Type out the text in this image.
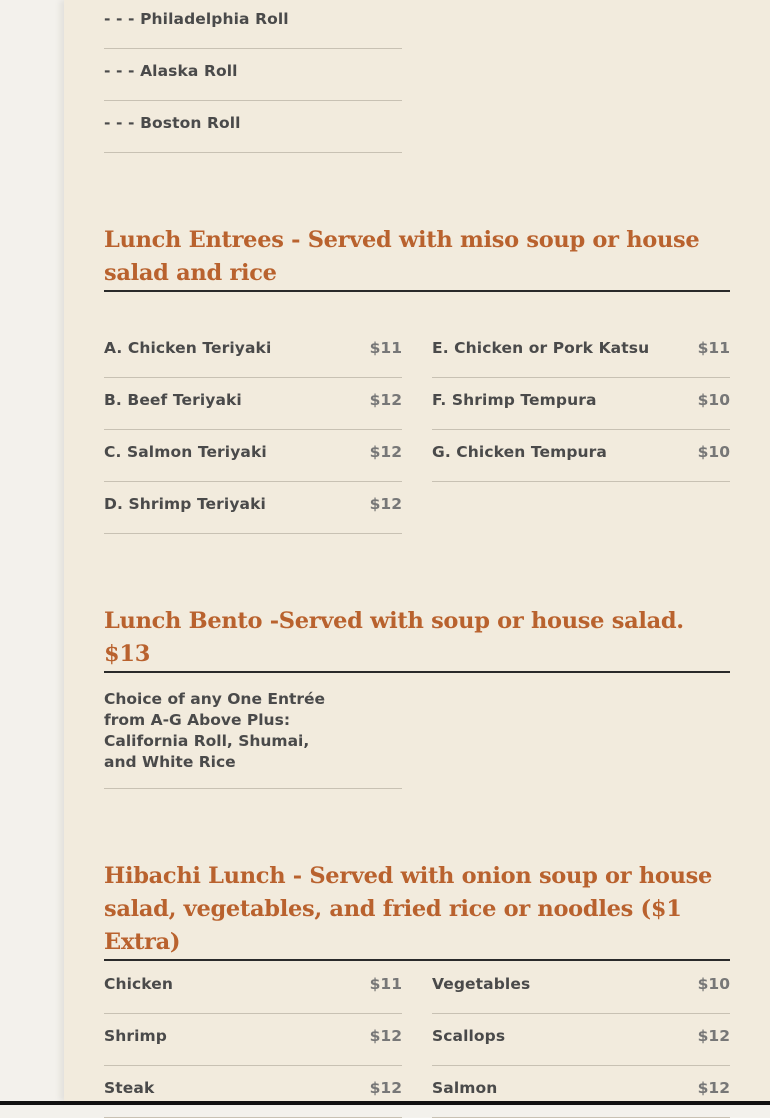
- - - Philadelphia Roll
- - - Alaska Roll
- - - Boston Roll
Lunch Entrees - Served with miso soup or house salad and rice
A. Chicken Teriyaki	$11
B. Beef Teriyaki	$12
C. Salmon Teriyaki	$12
D. Shrimp Teriyaki	$12
E. Chicken or Pork Katsu	$11
F. Shrimp Tempura	$10
G. Chicken Tempura	$10
Lunch Bento -Served with soup or house salad. $13
Choice of any One Entrée from A-G Above Plus: California Roll, Shumai, and White Rice
Hibachi Lunch - Served with onion soup or house salad, vegetables, and fried rice or noodles ($1 Extra)
Chicken	$11
Shrimp	$12
Steak	$12
Vegetables	$10
Scallops	$12
Salmon	$12
